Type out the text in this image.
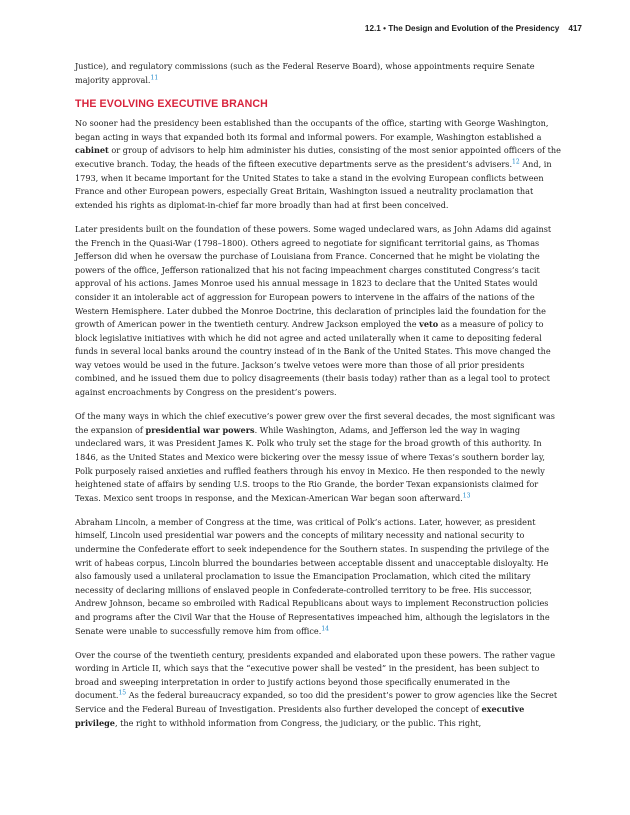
12.1 • The Design and Evolution of the Presidency 417

Justice), and regulatory commissions (such as the Federal Reserve Board), whose appointments require Senate majority approval.$^{11}$

THE EVOLVING EXECUTIVE BRANCH

No sooner had the presidency been established than the occupants of the office, starting with George Washington, began acting in ways that expanded both its formal and informal powers. For example, Washington established a cabinet or group of advisors to help him administer his duties, consisting of the most senior appointed officers of the executive branch. Today, the heads of the fifteen executive departments serve as the president’s advisers.$^{12}$ And, in 1793, when it became important for the United States to take a stand in the evolving European conflicts between France and other European powers, especially Great Britain, Washington issued a neutrality proclamation that extended his rights as diplomat-in-chief far more broadly than had at first been conceived.

Later presidents built on the foundation of these powers. Some waged undeclared wars, as John Adams did against the French in the Quasi-War (1798–1800). Others agreed to negotiate for significant territorial gains, as Thomas Jefferson did when he oversaw the purchase of Louisiana from France. Concerned that he might be violating the powers of the office, Jefferson rationalized that his not facing impeachment charges constituted Congress’s tacit approval of his actions. James Monroe used his annual message in 1823 to declare that the United States would consider it an intolerable act of aggression for European powers to intervene in the affairs of the nations of the Western Hemisphere. Later dubbed the Monroe Doctrine, this declaration of principles laid the foundation for the growth of American power in the twentieth century. Andrew Jackson employed the veto as a measure of policy to block legislative initiatives with which he did not agree and acted unilaterally when it came to depositing federal funds in several local banks around the country instead of in the Bank of the United States. This move changed the way vetoes would be used in the future. Jackson’s twelve vetoes were more than those of all prior presidents combined, and he issued them due to policy disagreements (their basis today) rather than as a legal tool to protect against encroachments by Congress on the president’s powers.

Of the many ways in which the chief executive’s power grew over the first several decades, the most significant was the expansion of presidential war powers. While Washington, Adams, and Jefferson led the way in waging undeclared wars, it was President James K. Polk who truly set the stage for the broad growth of this authority. In 1846, as the United States and Mexico were bickering over the messy issue of where Texas’s southern border lay, Polk purposely raised anxieties and ruffled feathers through his envoy in Mexico. He then responded to the newly heightened state of affairs by sending U.S. troops to the Rio Grande, the border Texan expansionists claimed for Texas. Mexico sent troops in response, and the Mexican-American War began soon afterward.$^{13}$

Abraham Lincoln, a member of Congress at the time, was critical of Polk’s actions. Later, however, as president himself, Lincoln used presidential war powers and the concepts of military necessity and national security to undermine the Confederate effort to seek independence for the Southern states. In suspending the privilege of the writ of habeas corpus, Lincoln blurred the boundaries between acceptable dissent and unacceptable disloyalty. He also famously used a unilateral proclamation to issue the Emancipation Proclamation, which cited the military necessity of declaring millions of enslaved people in Confederate-controlled territory to be free. His successor, Andrew Johnson, became so embroiled with Radical Republicans about ways to implement Reconstruction policies and programs after the Civil War that the House of Representatives impeached him, although the legislators in the Senate were unable to successfully remove him from office.$^{14}$

Over the course of the twentieth century, presidents expanded and elaborated upon these powers. The rather vague wording in Article II, which says that the “executive power shall be vested” in the president, has been subject to broad and sweeping interpretation in order to justify actions beyond those specifically enumerated in the document.$^{15}$ As the federal bureaucracy expanded, so too did the president’s power to grow agencies like the Secret Service and the Federal Bureau of Investigation. Presidents also further developed the concept of executive privilege, the right to withhold information from Congress, the judiciary, or the public. This right,
